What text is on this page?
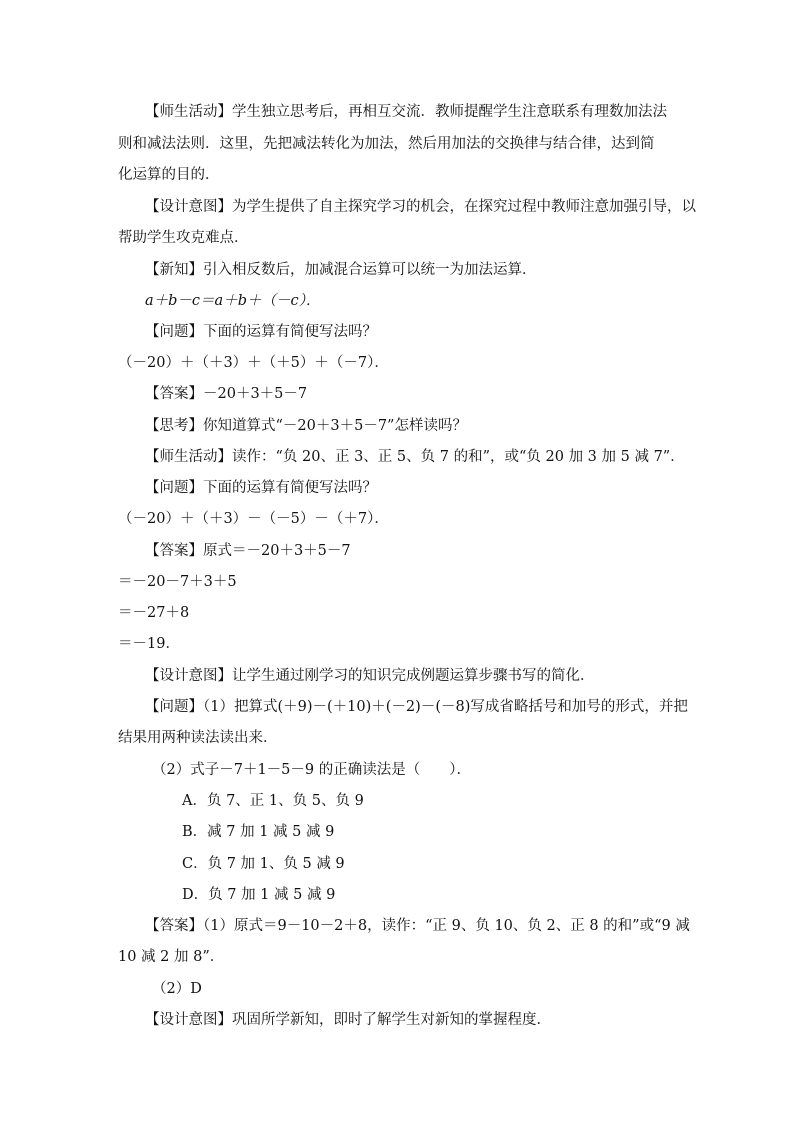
【师生活动】学生独立思考后，再相互交流．教师提醒学生注意联系有理数加法法
则和减法法则．这里，先把减法转化为加法，然后用加法的交换律与结合律，达到简
化运算的目的．
【设计意图】为学生提供了自主探究学习的机会，在探究过程中教师注意加强引导，以
帮助学生攻克难点．
【新知】引入相反数后，加减混合运算可以统一为加法运算．
a＋b－c＝a＋b＋（－c）．
【问题】下面的运算有简便写法吗？
（－20）＋（＋3）＋（＋5）＋（－7）．
【答案】－20＋3＋5－7
【思考】你知道算式“－20＋3＋5－7”怎样读吗？
【师生活动】读作：“负 20、正 3、正 5、负 7 的和”，或“负 20 加 3 加 5 减 7”．
【问题】下面的运算有简便写法吗？
（－20）＋（＋3）－（－5）－（＋7）．
【答案】原式＝－20＋3＋5－7
＝－20－7＋3＋5
＝－27＋8
＝－19．
【设计意图】让学生通过刚学习的知识完成例题运算步骤书写的简化．
【问题】（1）把算式(＋9)－(＋10)＋(－2)－(－8)写成省略括号和加号的形式，并把
结果用两种读法读出来．
（2）式子－7＋1－5－9 的正确读法是（　　）．
A．负 7、正 1、负 5、负 9
B．减 7 加 1 减 5 减 9
C．负 7 加 1、负 5 减 9
D．负 7 加 1 减 5 减 9
【答案】（1）原式＝9－10－2＋8，读作：“正 9、负 10、负 2、正 8 的和”或“9 减
10 减 2 加 8”．
（2）D
【设计意图】巩固所学新知，即时了解学生对新知的掌握程度．
